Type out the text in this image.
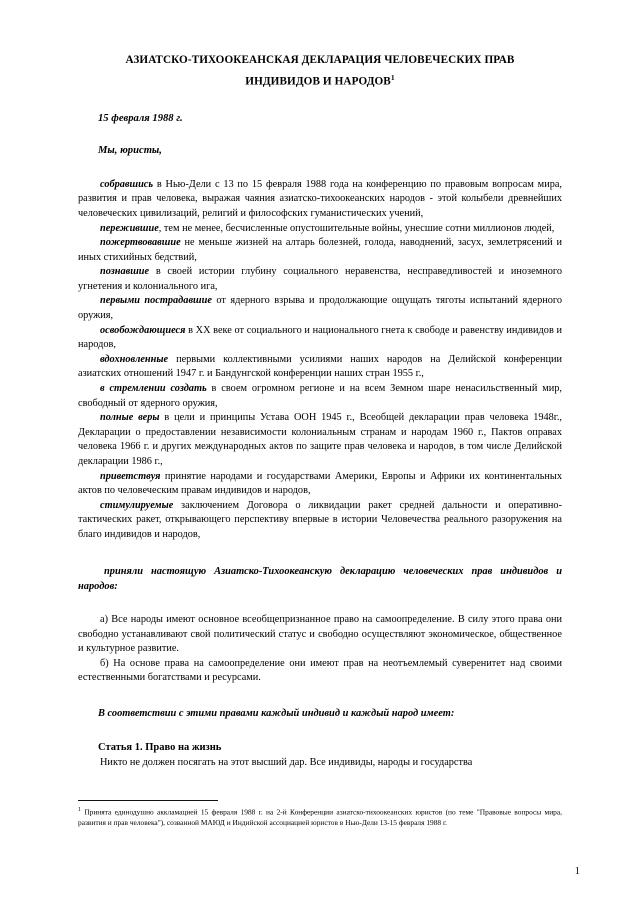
АЗИАТСКО-ТИХООКЕАНСКАЯ ДЕКЛАРАЦИЯ ЧЕЛОВЕЧЕСКИХ ПРАВ
ИНДИВИДОВ И НАРОДОВ$^1$

15 февраля 1988 г.

Мы, юристы,

собравшись в Нью-Дели с 13 по 15 февраля 1988 года на конференцию по правовым вопросам мира, развития и прав человека, выражая чаяния азиатско-тихоокеанских народов - этой колыбели древнейших человеческих цивилизаций, религий и философских гуманистических учений,

пережившие, тем не менее, бесчисленные опустошительные войны, унесшие сотни миллионов людей,

пожертвовавшие не меньше жизней на алтарь болезней, голода, наводнений, засух, землетрясений и иных стихийных бедствий,

познавшие в своей истории глубину социального неравенства, несправедливостей и иноземного угнетения и колониального ига,

первыми пострадавшие от ядерного взрыва и продолжающие ощущать тяготы испытаний ядерного оружия,

освобождающиеся в XX веке от социального и национального гнета к свободе и равенству индивидов и народов,

вдохновленные первыми коллективными усилиями наших народов на Делийской конференции азиатских отношений 1947 г. и Бандунгской конференции наших стран 1955 г.,

в стремлении создать в своем огромном регионе и на всем Земном шаре ненасильственный мир, свободный от ядерного оружия,

полные веры в цели и принципы Устава ООН 1945 г., Всеобщей декларации прав человека 1948г., Декларации о предоставлении независимости колониальным странам и народам 1960 г., Пактов оправах человека 1966 г. и других международных актов по защите прав человека и народов, в том числе Делийской декларации 1986 г.,

приветствуя принятие народами и государствами Америки, Европы и Африки их континентальных актов по человеческим правам индивидов и народов,

стимулируемые заключением Договора о ликвидации ракет средней дальности и оперативно-тактических ракет, открывающего перспективу впервые в истории Человечества реального разоружения на благо индивидов и народов,

приняли настоящую Азиатско-Тихоокеанскую декларацию человеческих прав индивидов и народов:

а) Все народы имеют основное всеобщепризнанное право на самоопределение. В силу этого права они свободно устанавливают свой политический статус и свободно осуществляют экономическое, общественное и культурное развитие.

б) На основе права на самоопределение они имеют прав на неотъемлемый суверенитет над своими естественными богатствами и ресурсами.

В соответствии с этими правами каждый индивид и каждый народ имеет:

Статья 1. Право на жизнь

Никто не должен посягать на этот высший дар. Все индивиды, народы и государства

$^1$ Принята единодушно аккламацией 15 февраля 1988 г. на 2-й Конференции азиатско-тихоокеанских юристов (по теме "Правовые вопросы мира, развития и прав человека"), созванной МАЮД и Индийской ассоциацией юристов в Нью-Дели 13-15 февраля 1988 г.

1
